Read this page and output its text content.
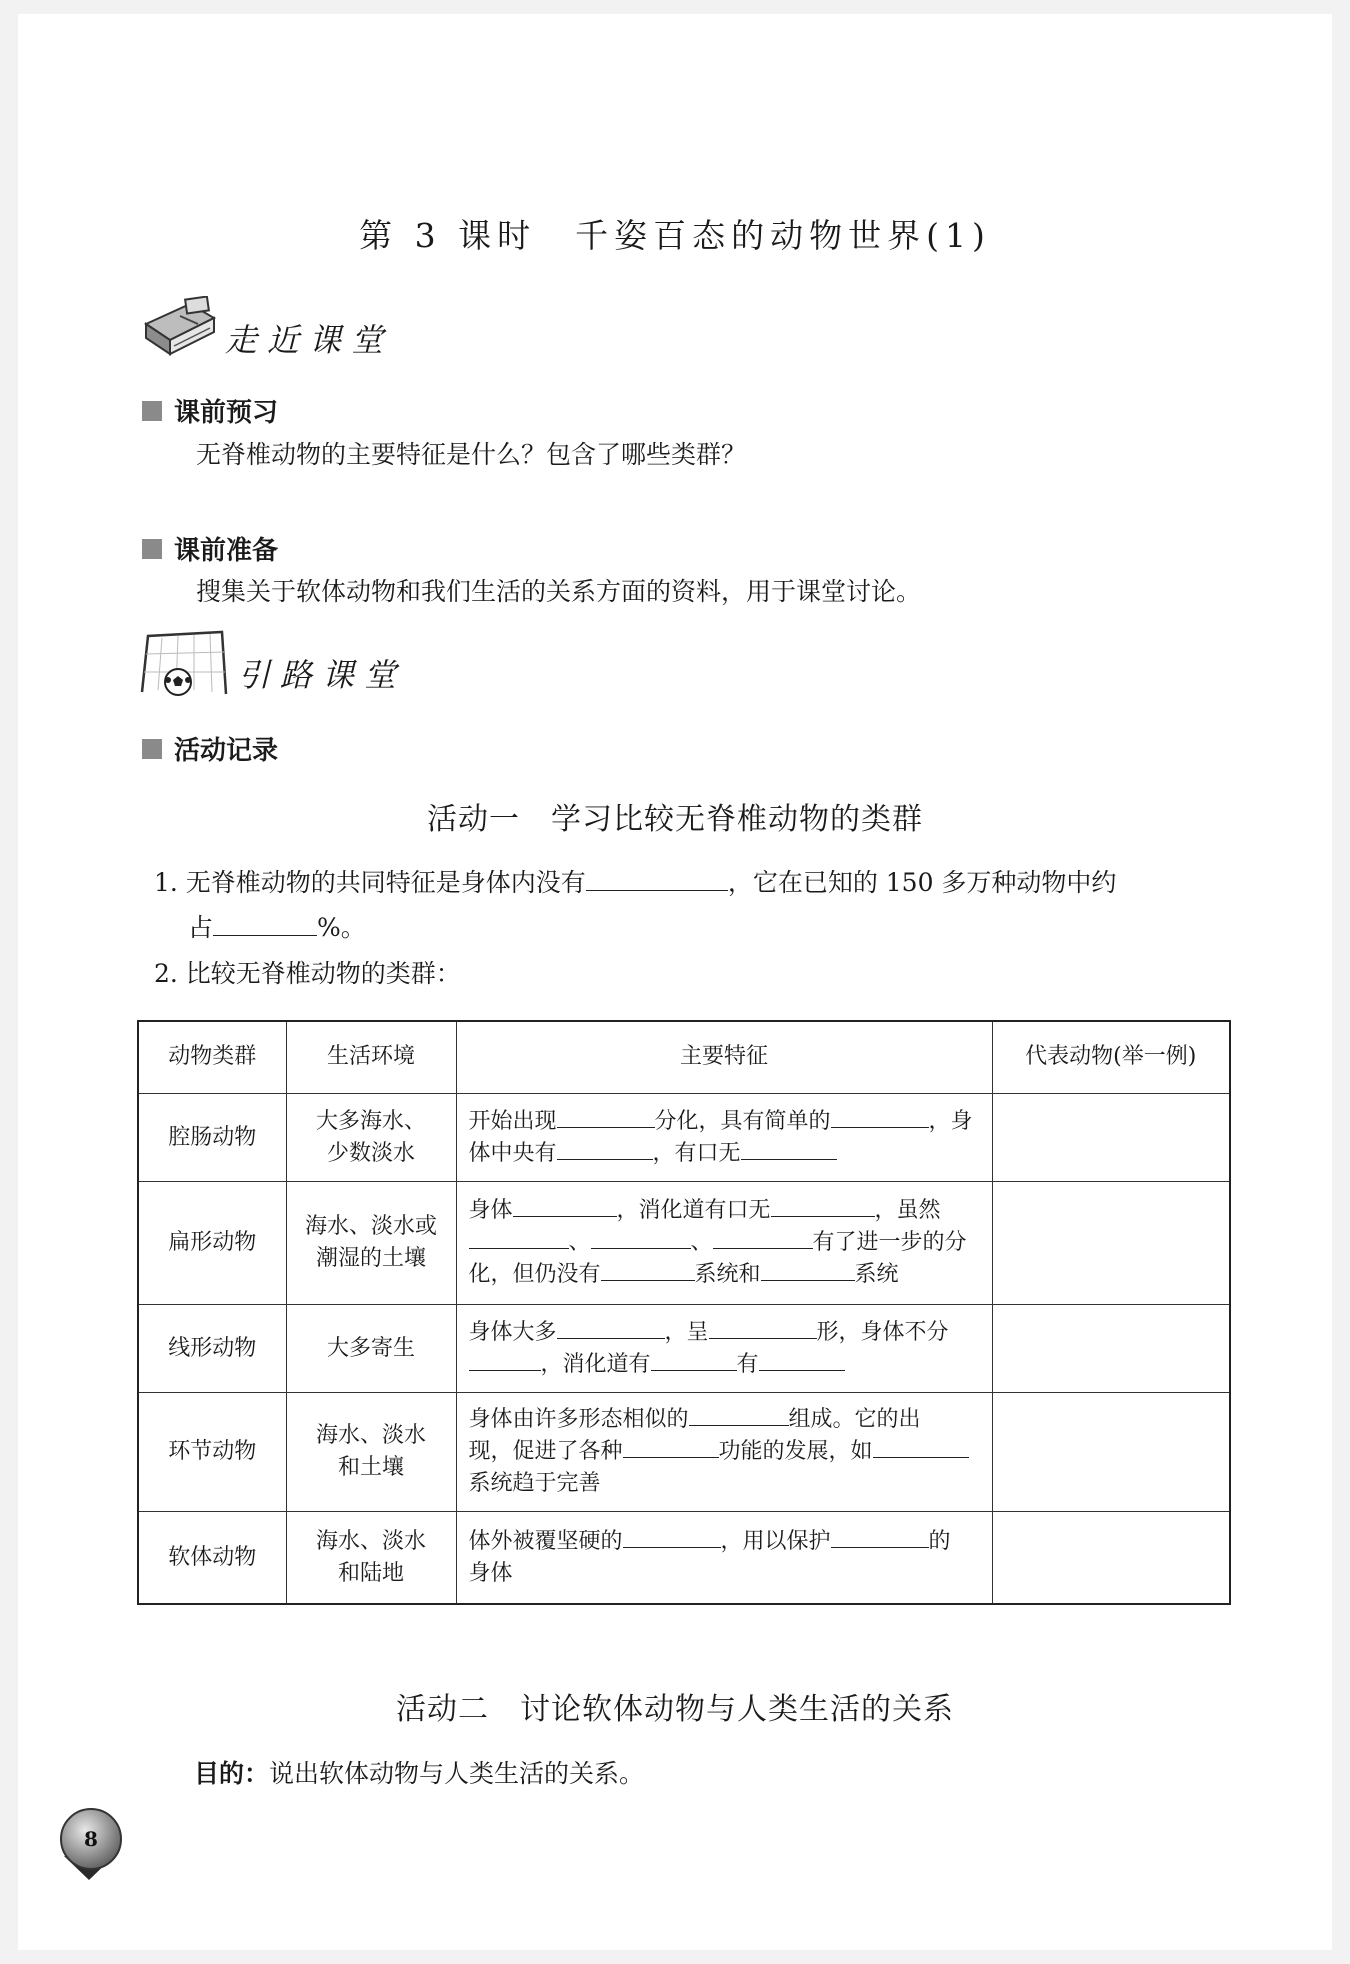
第 3 课时　千姿百态的动物世界(1)
走近课堂
课前预习
无脊椎动物的主要特征是什么？包含了哪些类群？
课前准备
搜集关于软体动物和我们生活的关系方面的资料，用于课堂讨论。
引路课堂
活动记录
活动一　学习比较无脊椎动物的类群
1. 无脊椎动物的共同特征是身体内没有	，它在已知的 150 多万种动物中约
占	%。
2. 比较无脊椎动物的类群：
动物类群	生活环境	主要特征	代表动物(举一例)
腔肠动物	大多海水、
少数淡水	开始出现 分化，具有简单的 ，身
体中央有 ，有口无	
扁形动物	海水、淡水或
潮湿的土壤	身体 ，消化道有口无 ，虽然
、 、 有了进一步的分
化，但仍没有 系统和 系统	
线形动物	大多寄生	身体大多 ，呈 形，身体不分
，消化道有 有	
环节动物	海水、淡水
和土壤	身体由许多形态相似的 组成。它的出
现，促进了各种 功能的发展，如
系统趋于完善	
软体动物	海水、淡水
和陆地	体外被覆坚硬的 ，用以保护 的
身体	
活动二　讨论软体动物与人类生活的关系
目的：说出软体动物与人类生活的关系。
8
